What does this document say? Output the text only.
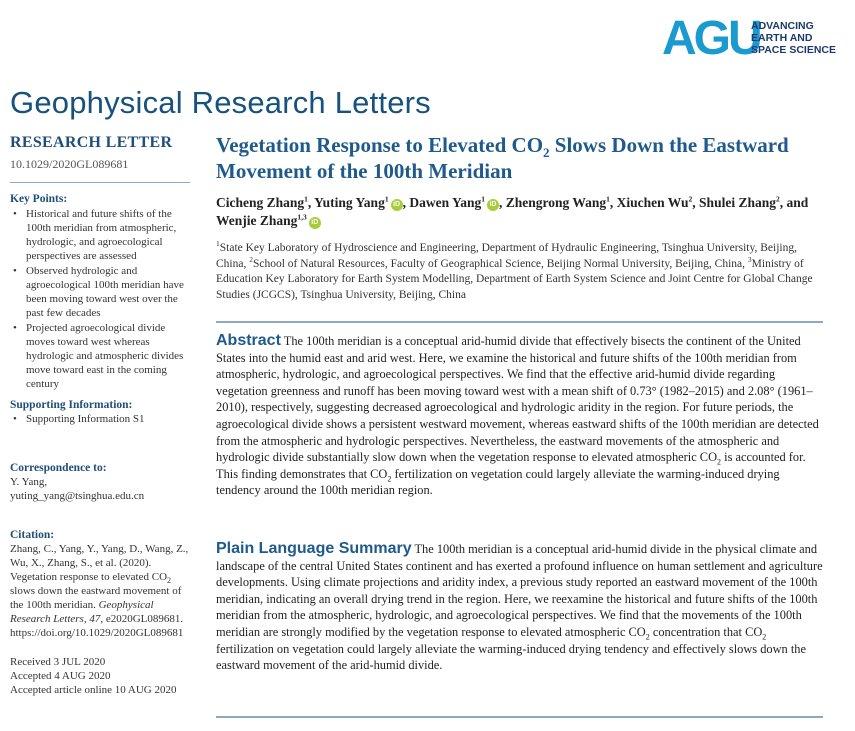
AGU
ADVANCING
EARTH AND
SPACE SCIENCE
Geophysical Research Letters
RESEARCH LETTER
10.1029/2020GL089681
Key Points:
• Historical and future shifts of the 100th meridian from atmospheric, hydrologic, and agroecological perspectives are assessed
• Observed hydrologic and agroecological 100th meridian have been moving toward west over the past few decades
• Projected agroecological divide moves toward west whereas hydrologic and atmospheric divides move toward east in the coming century
Supporting Information:
• Supporting Information S1
Correspondence to:
Y. Yang,
yuting_yang@tsinghua.edu.cn
Citation:
Zhang, C., Yang, Y., Yang, D., Wang, Z., Wu, X., Zhang, S., et al. (2020). Vegetation response to elevated $CO_2$ slows down the eastward movement of the 100th meridian. Geophysical Research Letters, 47, e2020GL089681. https://doi.org/10.1029/2020GL089681
Received 3 JUL 2020
Accepted 4 AUG 2020
Accepted article online 10 AUG 2020
Vegetation Response to Elevated $CO_2$ Slows Down the Eastward Movement of the 100th Meridian
Cicheng Zhang$^1$, Yuting Yang$^1$iD , Dawen Yang$^1$iD , Zhengrong Wang$^1$, Xiuchen Wu$^2$, Shulei Zhang$^2$, and Wenjie Zhang$^{1,3}$iD
$^1$State Key Laboratory of Hydroscience and Engineering, Department of Hydraulic Engineering, Tsinghua University, Beijing, China, $^2$School of Natural Resources, Faculty of Geographical Science, Beijing Normal University, Beijing, China, $^3$Ministry of Education Key Laboratory for Earth System Modelling, Department of Earth System Science and Joint Centre for Global Change Studies (JCGCS), Tsinghua University, Beijing, China
Abstract The 100th meridian is a conceptual arid-humid divide that effectively bisects the continent of the United States into the humid east and arid west. Here, we examine the historical and future shifts of the 100th meridian from atmospheric, hydrologic, and agroecological perspectives. We find that the effective arid-humid divide regarding vegetation greenness and runoff has been moving toward west with a mean shift of 0.73° (1982–2015) and 2.08° (1961–2010), respectively, suggesting decreased agroecological and hydrologic aridity in the region. For future periods, the agroecological divide shows a persistent westward movement, whereas eastward shifts of the 100th meridian are detected from the atmospheric and hydrologic perspectives. Nevertheless, the eastward movements of the atmospheric and hydrologic divide substantially slow down when the vegetation response to elevated atmospheric $CO_2$ is accounted for. This finding demonstrates that $CO_2$ fertilization on vegetation could largely alleviate the warming-induced drying tendency around the 100th meridian region.
Plain Language Summary The 100th meridian is a conceptual arid-humid divide in the physical climate and landscape of the central United States continent and has exerted a profound influence on human settlement and agriculture developments. Using climate projections and aridity index, a previous study reported an eastward movement of the 100th meridian, indicating an overall drying trend in the region. Here, we reexamine the historical and future shifts of the 100th meridian from the atmospheric, hydrologic, and agroecological perspectives. We find that the movements of the 100th meridian are strongly modified by the vegetation response to elevated atmospheric $CO_2$ concentration that $CO_2$ fertilization on vegetation could largely alleviate the warming-induced drying tendency and effectively slows down the eastward movement of the arid-humid divide.
